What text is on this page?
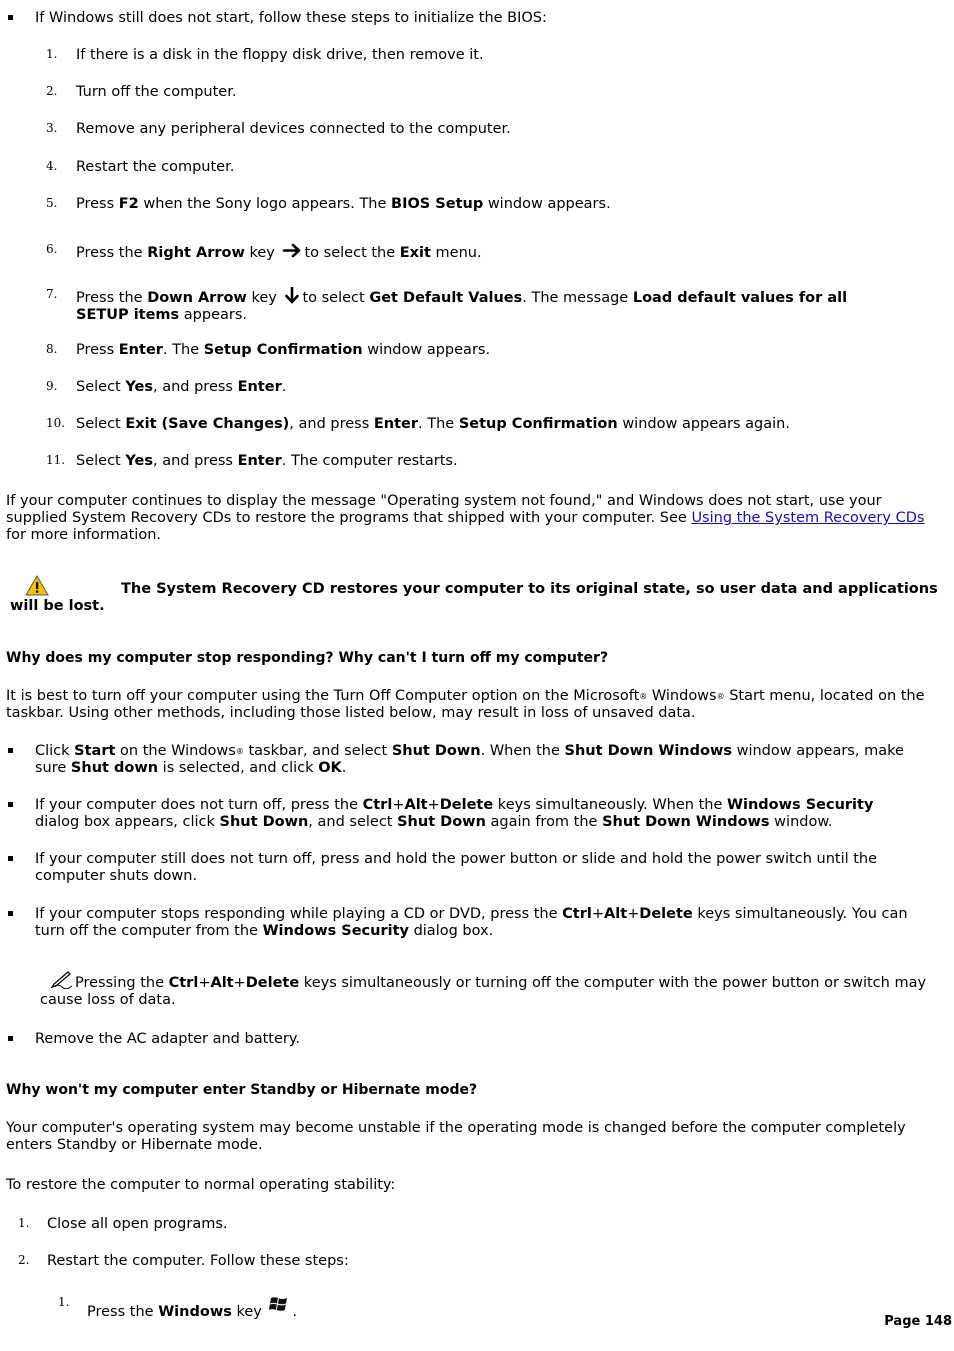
If Windows still does not start, follow these steps to initialize the BIOS:
1. If there is a disk in the floppy disk drive, then remove it.
2. Turn off the computer.
3. Remove any peripheral devices connected to the computer.
4. Restart the computer.
5. Press F2 when the Sony logo appears. The BIOS Setup window appears.
6. Press the Right Arrow key to select the Exit menu.
7. Press the Down Arrow key to select Get Default Values. The message Load default values for all SETUP items appears.
8. Press Enter. The Setup Confirmation window appears.
9. Select Yes, and press Enter.
10. Select Exit (Save Changes), and press Enter. The Setup Confirmation window appears again.
11. Select Yes, and press Enter. The computer restarts.
If your computer continues to display the message "Operating system not found," and Windows does not start, use your supplied System Recovery CDs to restore the programs that shipped with your computer. See Using the System Recovery CDs for more information.
The System Recovery CD restores your computer to its original state, so user data and applications will be lost.
Why does my computer stop responding? Why can't I turn off my computer?
It is best to turn off your computer using the Turn Off Computer option on the Microsoft® Windows® Start menu, located on the taskbar. Using other methods, including those listed below, may result in loss of unsaved data.
Click Start on the Windows® taskbar, and select Shut Down. When the Shut Down Windows window appears, make sure Shut down is selected, and click OK.
If your computer does not turn off, press the Ctrl+Alt+Delete keys simultaneously. When the Windows Security dialog box appears, click Shut Down, and select Shut Down again from the Shut Down Windows window.
If your computer still does not turn off, press and hold the power button or slide and hold the power switch until the computer shuts down.
If your computer stops responding while playing a CD or DVD, press the Ctrl+Alt+Delete keys simultaneously. You can turn off the computer from the Windows Security dialog box.
Pressing the Ctrl+Alt+Delete keys simultaneously or turning off the computer with the power button or switch may cause loss of data.
Remove the AC adapter and battery.
Why won't my computer enter Standby or Hibernate mode?
Your computer's operating system may become unstable if the operating mode is changed before the computer completely enters Standby or Hibernate mode.
To restore the computer to normal operating stability:
1. Close all open programs.
2. Restart the computer. Follow these steps:
1.
Press the Windows key .
Page 148
